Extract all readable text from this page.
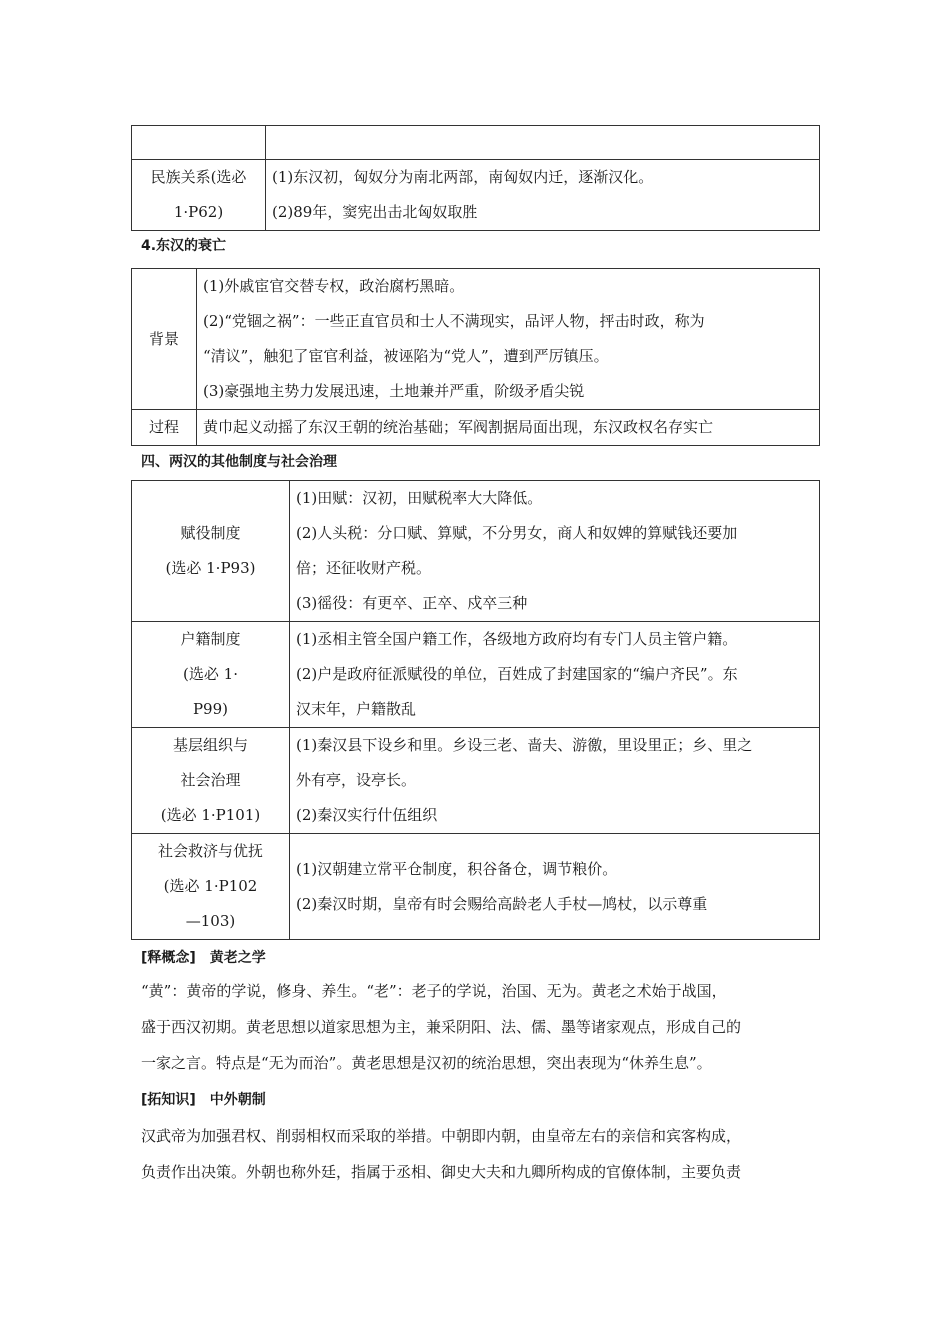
民族关系(选必
1·P62)	(1)东汉初，匈奴分为南北两部，南匈奴内迁，逐渐汉化。
(2)89年，窦宪出击北匈奴取胜
4.东汉的衰亡
背景	(1)外戚宦官交替专权，政治腐朽黑暗。
(2)“党锢之祸”：一些正直官员和士人不满现实，品评人物，抨击时政，称为
“清议”，触犯了宦官利益，被诬陷为“党人”，遭到严厉镇压。
(3)豪强地主势力发展迅速，土地兼并严重，阶级矛盾尖锐

过程	黄巾起义动摇了东汉王朝的统治基础；军阀割据局面出现，东汉政权名存实亡
四、两汉的其他制度与社会治理
赋役制度
(选必 1·P93)	(1)田赋：汉初，田赋税率大大降低。
(2)人头税：分口赋、算赋，不分男女，商人和奴婢的算赋钱还要加
倍；还征收财产税。
(3)徭役：有更卒、正卒、戍卒三种

户籍制度
(选必 1·
P99)	(1)丞相主管全国户籍工作，各级地方政府均有专门人员主管户籍。
(2)户是政府征派赋役的单位，百姓成了封建国家的“编户齐民”。东
汉末年，户籍散乱

基层组织与
社会治理
(选必 1·P101)	(1)秦汉县下设乡和里。乡设三老、啬夫、游徼，里设里正；乡、里之
外有亭，设亭长。
(2)秦汉实行什伍组织

社会救济与优抚
(选必 1·P102
—103)	(1)汉朝建立常平仓制度，积谷备仓，调节粮价。
(2)秦汉时期，皇帝有时会赐给高龄老人手杖—鸠杖，以示尊重
[释概念]　黄老之学
“黄”：黄帝的学说，修身、养生。“老”：老子的学说，治国、无为。黄老之术始于战国，
盛于西汉初期。黄老思想以道家思想为主，兼采阴阳、法、儒、墨等诸家观点，形成自己的
一家之言。特点是“无为而治”。黄老思想是汉初的统治思想，突出表现为“休养生息”。
[拓知识]　中外朝制
汉武帝为加强君权、削弱相权而采取的举措。中朝即内朝，由皇帝左右的亲信和宾客构成，
负责作出决策。外朝也称外廷，指属于丞相、御史大夫和九卿所构成的官僚体制，主要负责
